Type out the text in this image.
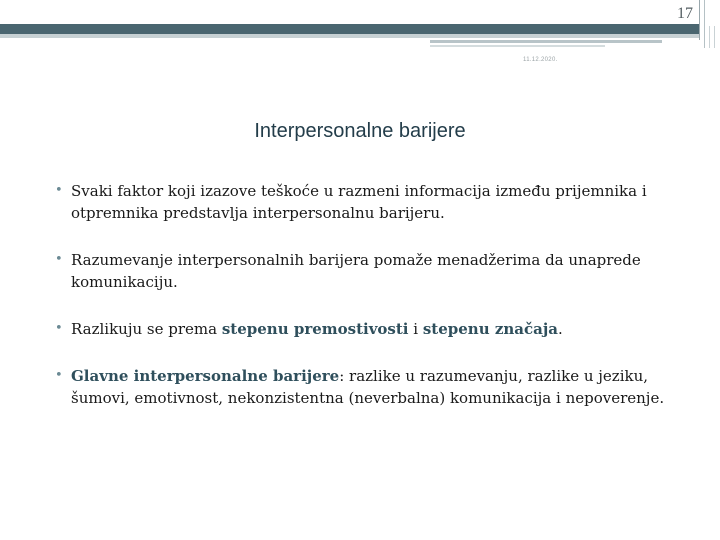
17
11.12.2020.
Interpersonalne barijere
• Svaki faktor koji izazove teškoće u razmeni informacija između prijemnika i otpremnika predstavlja interpersonalnu barijeru.
• Razumevanje interpersonalnih barijera pomaže menadžerima da unaprede komunikaciju.
• Razlikuju se prema stepenu premostivosti i stepenu značaja.
• Glavne interpersonalne barijere: razlike u razumevanju, razlike u jeziku, šumovi, emotivnost, nekonzistentna (neverbalna) komunikacija i nepoverenje.
